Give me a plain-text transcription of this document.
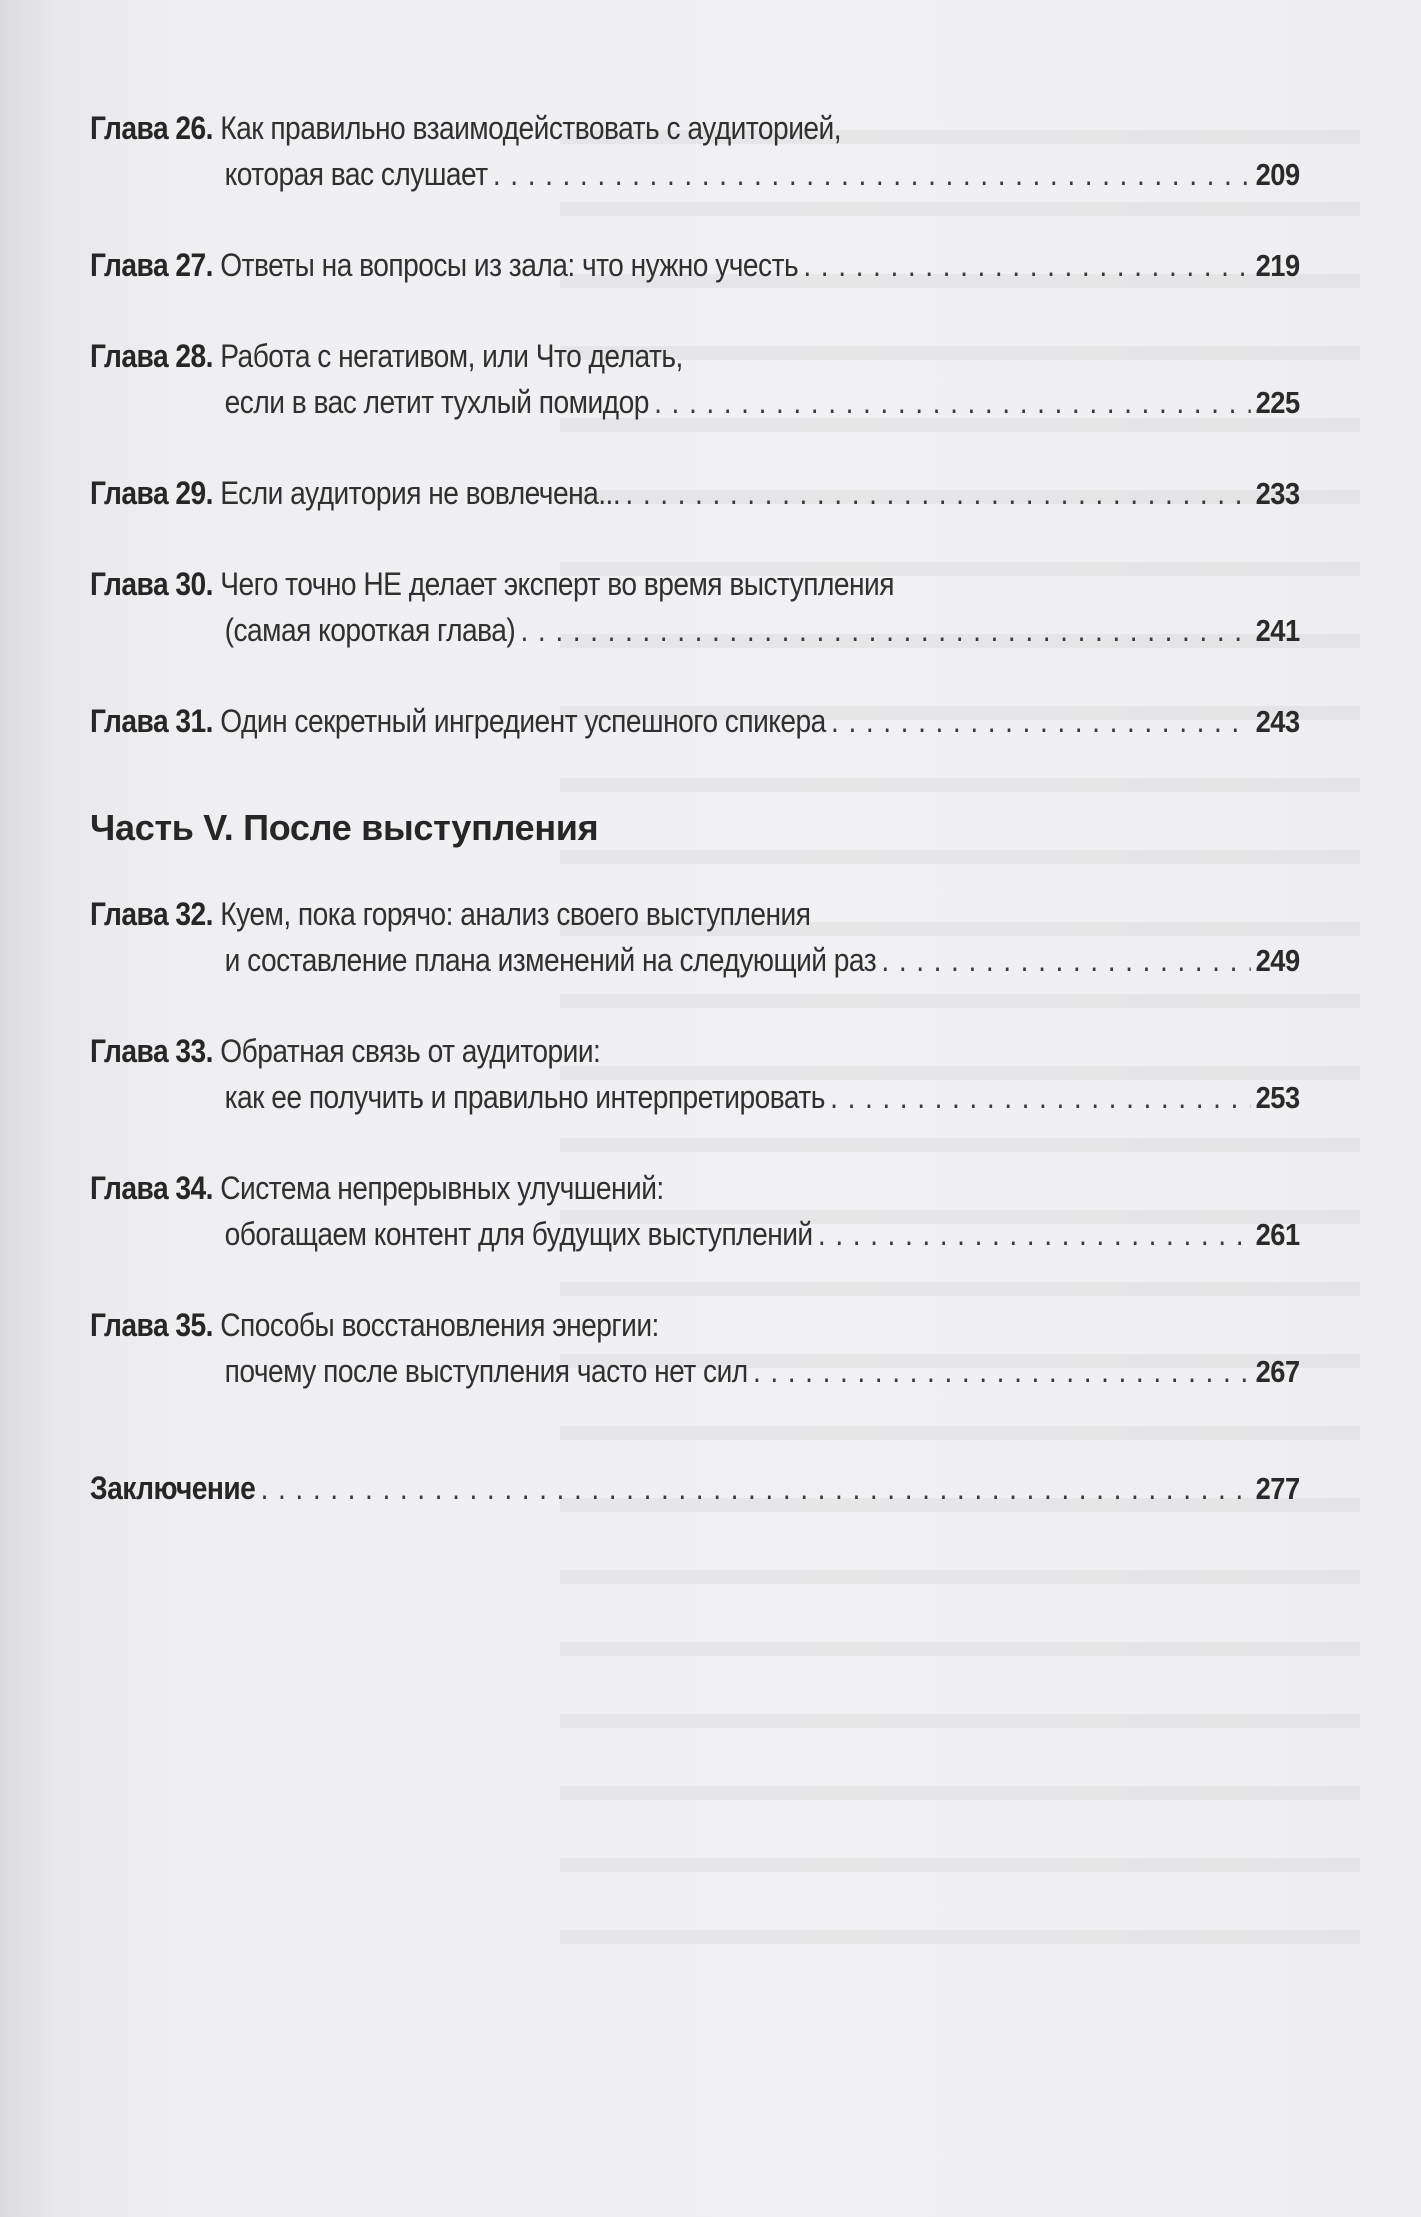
Глава 26.
Как правильно взаимодействовать с аудиторией,
которая вас слушает . . .	209
Глава 27.
Ответы на вопросы из зала: что нужно учесть . . .	219
Глава 28.
Работа с негативом, или Что делать,
если в вас летит тухлый помидор . . .	225
Глава 29.
Если аудитория не вовлечена... . . .	233
Глава 30.
Чего точно НЕ делает эксперт во время выступления
(самая короткая глава) . . .	241
Глава 31.
Один секретный ингредиент успешного спикера . . .	243
Часть V. После выступления
Глава 32.
Куем, пока горячо: анализ своего выступления
и составление плана изменений на следующий раз . . .	249
Глава 33.
Обратная связь от аудитории:
как ее получить и правильно интерпретировать . . .	253
Глава 34.
Система непрерывных улучшений:
обогащаем контент для будущих выступлений . . .	261
Глава 35.
Способы восстановления энергии:
почему после выступления часто нет сил . . .	267
Заключение . . .	277
